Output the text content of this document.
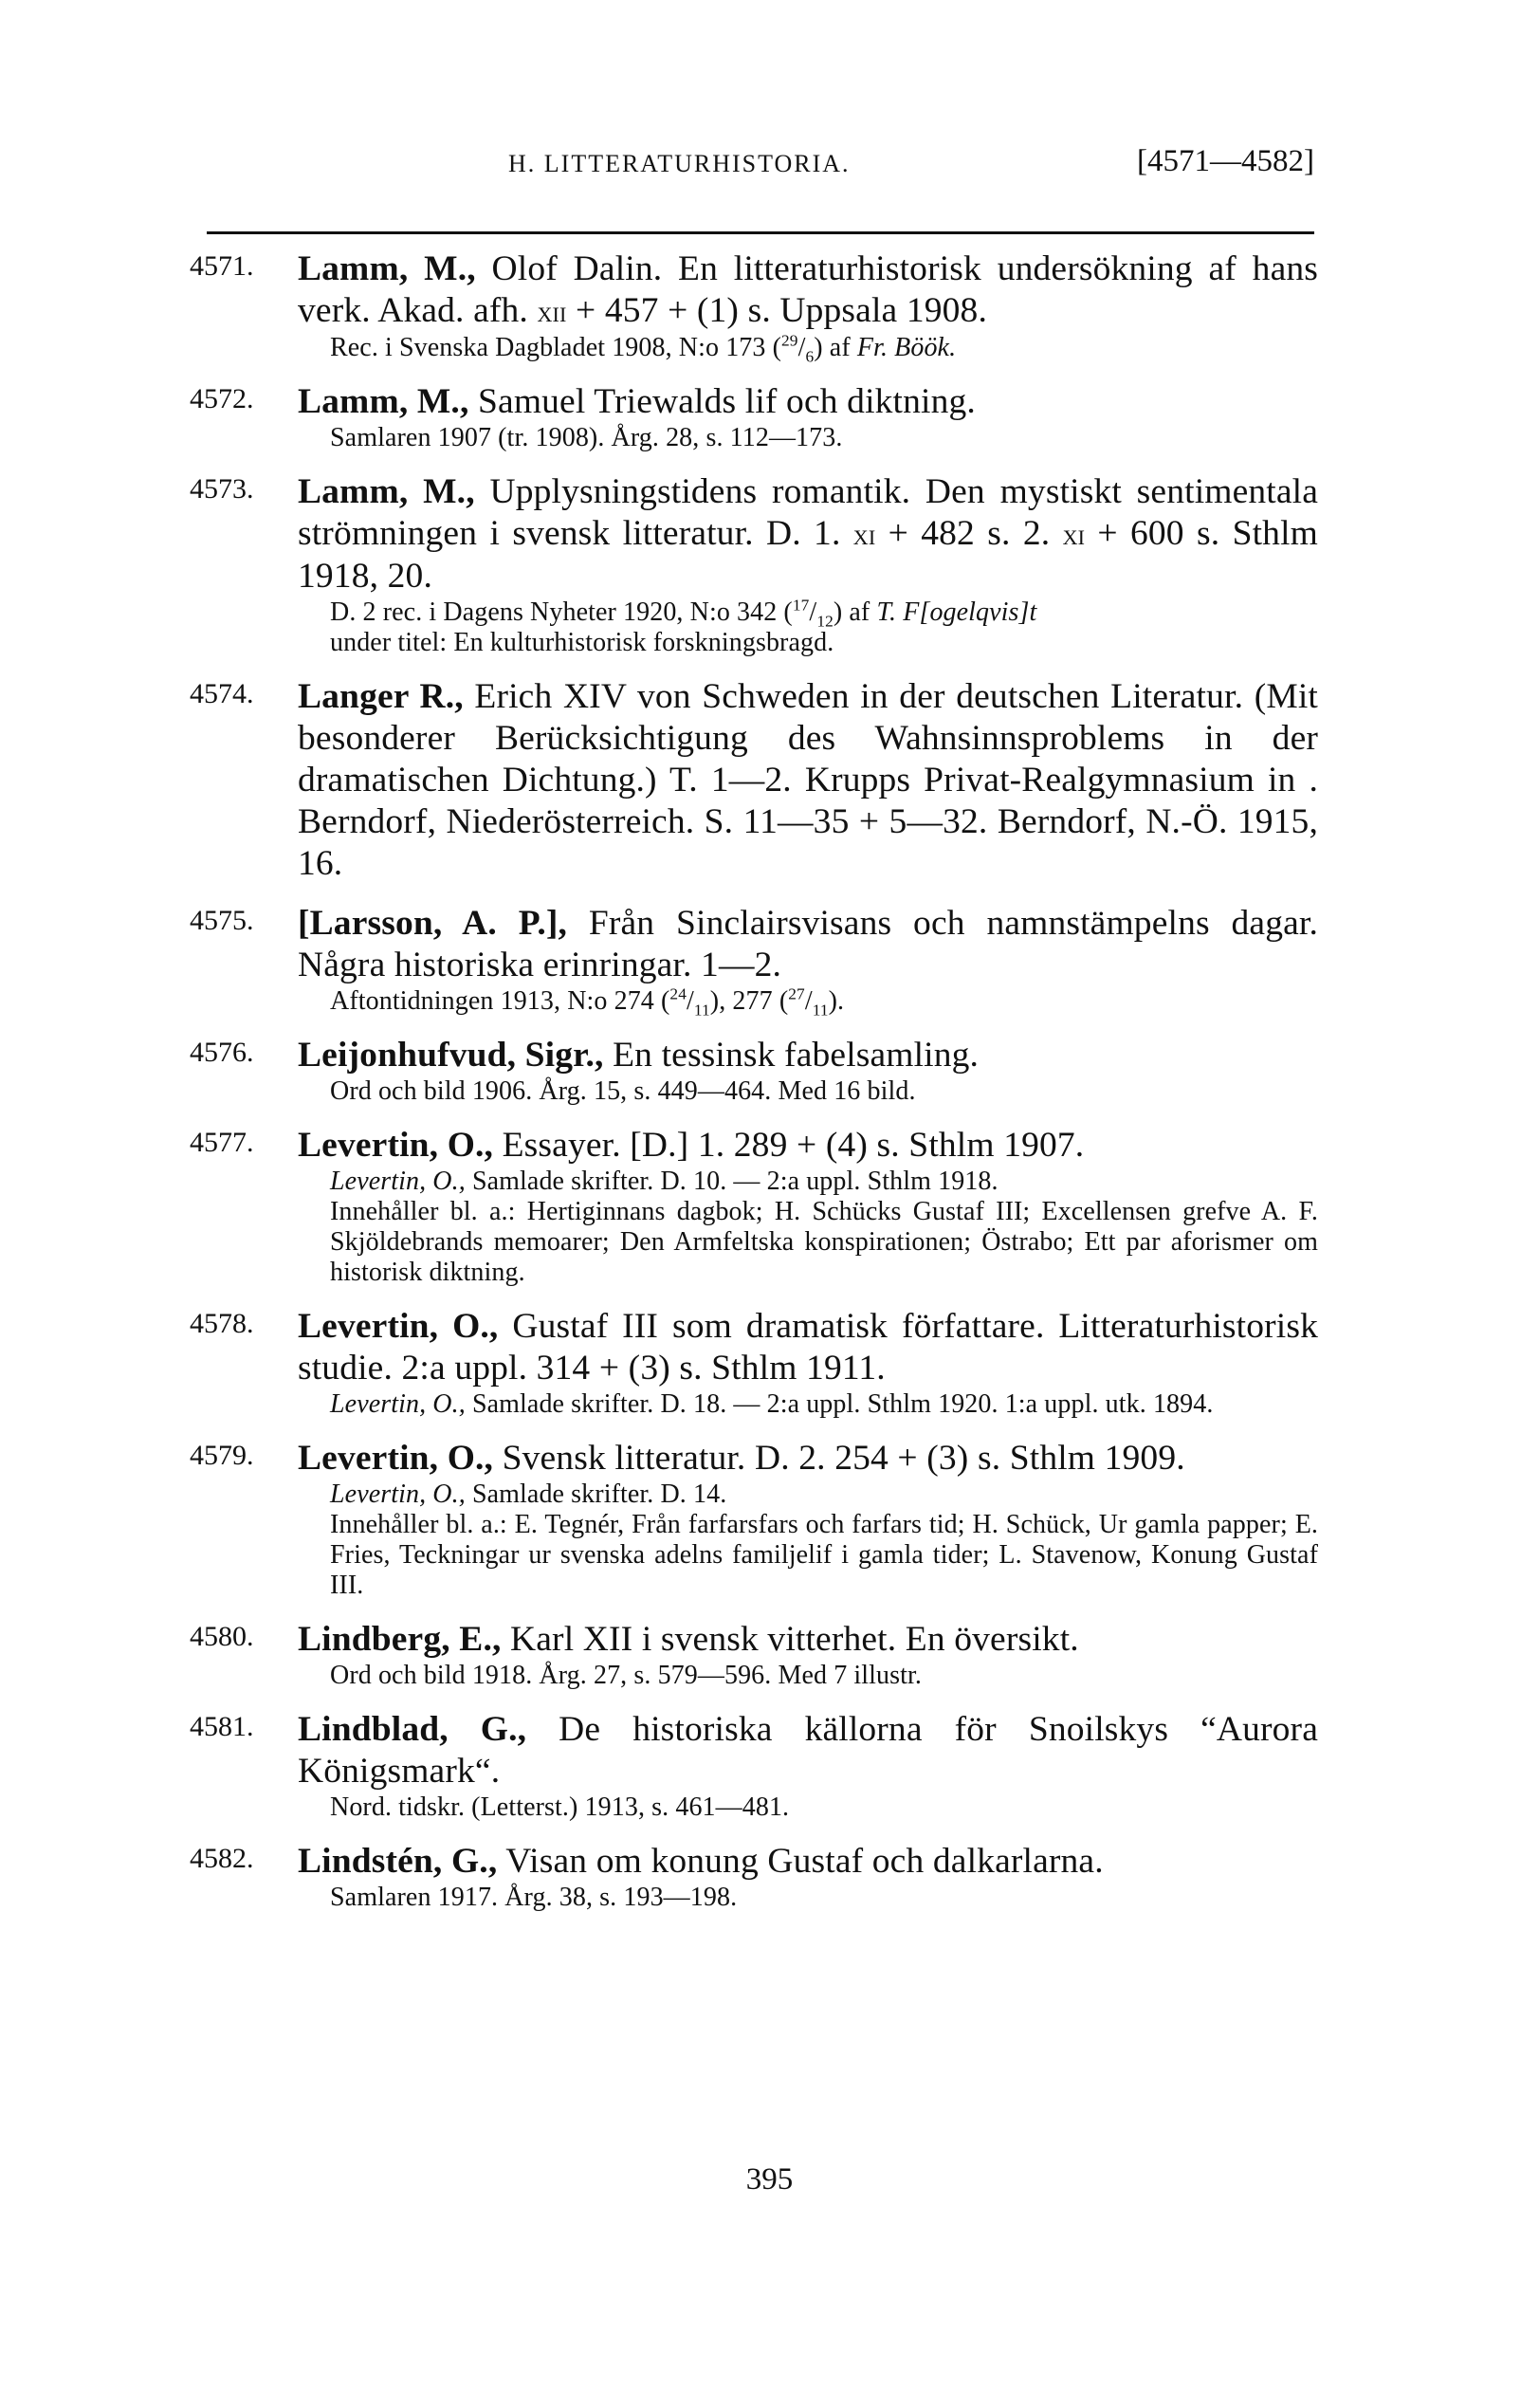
H. LITTERATURHISTORIA.	[4571—4582]
4571.	Lamm, M., Olof Dalin. En litteraturhistorisk undersökning af hans verk. Akad. afh. xii + 457 + (1) s. Uppsala 1908.
Rec. i Svenska Dagbladet 1908, N:o 173 $(^{29}/_6)$ af Fr. Böök.
4572.	Lamm, M., Samuel Triewalds lif och diktning.
Samlaren 1907 (tr. 1908). Årg. 28, s. 112—173.
4573.	Lamm, M., Upplysningstidens romantik. Den mystiskt sentimentala strömningen i svensk litteratur. D. 1. xi + 482 s. 2. xi + 600 s. Sthlm 1918, 20.
D. 2 rec. i Dagens Nyheter 1920, N:o 342 $(^{17}/_{12})$ af T. F[ogelqvis]t
under titel: En kulturhistorisk forskningsbragd.
4574.	Langer R., Erich XIV von Schweden in der deutschen Literatur. (Mit besonderer Berücksichtigung des Wahnsinnsproblems in der dramatischen Dichtung.) T. 1—2. Krupps Privat-Realgymnasium in . Berndorf, Niederösterreich. S. 11—35 + 5—32. Berndorf, N.-Ö. 1915, 16.
4575.	[Larsson, A. P.], Från Sinclairsvisans och namnstämpelns dagar. Några historiska erinringar. 1—2.
Aftontidningen 1913, N:o 274 $(^{24}/_{11})$, 277 $(^{27}/_{11})$.
4576.	Leijonhufvud, Sigr., En tessinsk fabelsamling.
Ord och bild 1906. Årg. 15, s. 449—464. Med 16 bild.
4577.	Levertin, O., Essayer. [D.] 1. 289 + (4) s. Sthlm 1907.
Levertin, O., Samlade skrifter. D. 10. — 2:a uppl. Sthlm 1918.
Innehåller bl. a.: Hertiginnans dagbok; H. Schücks Gustaf III; Excellensen grefve A. F. Skjöldebrands memoarer; Den Armfeltska konspirationen; Östrabo; Ett par aforismer om historisk diktning.
4578.	Levertin, O., Gustaf III som dramatisk författare. Litteraturhistorisk studie. 2:a uppl. 314 + (3) s. Sthlm 1911.
Levertin, O., Samlade skrifter. D. 18. — 2:a uppl. Sthlm 1920. 1:a uppl. utk. 1894.
4579.	Levertin, O., Svensk litteratur. D. 2. 254 + (3) s. Sthlm 1909.
Levertin, O., Samlade skrifter. D. 14.
Innehåller bl. a.: E. Tegnér, Från farfarsfars och farfars tid; H. Schück, Ur gamla papper; E. Fries, Teckningar ur svenska adelns familjelif i gamla tider; L. Stavenow, Konung Gustaf III.
4580.	Lindberg, E., Karl XII i svensk vitterhet. En översikt.
Ord och bild 1918. Årg. 27, s. 579—596. Med 7 illustr.
4581.	Lindblad, G., De historiska källorna för Snoilskys “Aurora Königsmark“.
Nord. tidskr. (Letterst.) 1913, s. 461—481.
4582.	Lindstén, G., Visan om konung Gustaf och dalkarlarna.
Samlaren 1917. Årg. 38, s. 193—198.
395
